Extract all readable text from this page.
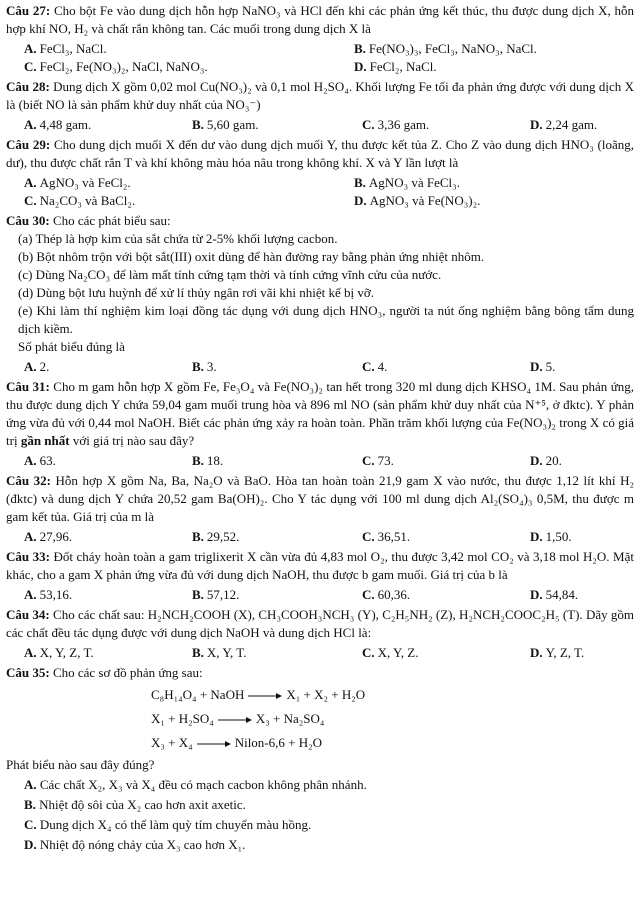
Câu 27: Cho bột Fe vào dung dịch hỗn hợp NaNO₃ và HCl đến khi các phản ứng kết thúc, thu được dung dịch X, hỗn hợp khí NO, H₂ và chất rắn không tan. Các muối trong dung dịch X là

A. FeCl₃, NaCl.	B. Fe(NO₃)₃, FeCl₃, NaNO₃, NaCl.
C. FeCl₂, Fe(NO₃)₂, NaCl, NaNO₃.	D. FeCl₂, NaCl.

Câu 28: Dung dịch X gồm 0,02 mol Cu(NO₃)₂ và 0,1 mol H₂SO₄. Khối lượng Fe tối đa phản ứng được với dung dịch X là (biết NO là sản phẩm khử duy nhất của NO₃⁻)

A. 4,48 gam.	B. 5,60 gam.	C. 3,36 gam.	D. 2,24 gam.

Câu 29: Cho dung dịch muối X đến dư vào dung dịch muối Y, thu được kết tủa Z. Cho Z vào dung dịch HNO₃ (loãng, dư), thu được chất rắn T và khí không màu hóa nâu trong không khí. X và Y lần lượt là

A. AgNO₃ và FeCl₂.	B. AgNO₃ và FeCl₃.
C. Na₂CO₃ và BaCl₂.	D. AgNO₃ và Fe(NO₃)₂.

Câu 30: Cho các phát biểu sau:

(a) Thép là hợp kim của sắt chứa từ 2-5% khối lượng cacbon.

(b) Bột nhôm trộn với bột sắt(III) oxit dùng để hàn đường ray bằng phản ứng nhiệt nhôm.

(c) Dùng Na₂CO₃ để làm mất tính cứng tạm thời và tính cứng vĩnh cửu của nước.

(d) Dùng bột lưu huỳnh để xử lí thủy ngân rơi vãi khi nhiệt kế bị vỡ.

(e) Khi làm thí nghiệm kim loại đồng tác dụng với dung dịch HNO₃, người ta nút ống nghiệm bằng bông tẩm dung dịch kiềm.

Số phát biểu đúng là

A. 2.	B. 3.	C. 4.	D. 5.

Câu 31: Cho m gam hỗn hợp X gồm Fe, Fe₃O₄ và Fe(NO₃)₂ tan hết trong 320 ml dung dịch KHSO₄ 1M. Sau phản ứng, thu được dung dịch Y chứa 59,04 gam muối trung hòa và 896 ml NO (sản phẩm khử duy nhất của N⁺⁵, ở đktc). Y phản ứng vừa đủ với 0,44 mol NaOH. Biết các phản ứng xảy ra hoàn toàn. Phần trăm khối lượng của Fe(NO₃)₂ trong X có giá trị gần nhất với giá trị nào sau đây?

A. 63.	B. 18.	C. 73.	D. 20.

Câu 32: Hỗn hợp X gồm Na, Ba, Na₂O và BaO. Hòa tan hoàn toàn 21,9 gam X vào nước, thu được 1,12 lít khí H₂ (đktc) và dung dịch Y chứa 20,52 gam Ba(OH)₂. Cho Y tác dụng với 100 ml dung dịch Al₂(SO₄)₃ 0,5M, thu được m gam kết tủa. Giá trị của m là

A. 27,96.	B. 29,52.	C. 36,51.	D. 1,50.

Câu 33: Đốt cháy hoàn toàn a gam triglixerit X cần vừa đủ 4,83 mol O₂, thu được 3,42 mol CO₂ và 3,18 mol H₂O. Mặt khác, cho a gam X phản ứng vừa đủ với dung dịch NaOH, thu được b gam muối. Giá trị của b là

A. 53,16.	B. 57,12.	C. 60,36.	D. 54,84.

Câu 34: Cho các chất sau: H₂NCH₂COOH (X), CH₃COOH₃NCH₃ (Y), C₂H₅NH₂ (Z), H₂NCH₂COOC₂H₅ (T). Dãy gồm các chất đều tác dụng được với dung dịch NaOH và dung dịch HCl là:

A. X, Y, Z, T.	B. X, Y, T.	C. X, Y, Z.	D. Y, Z, T.

Câu 35: Cho các sơ đồ phản ứng sau:

C₈H₁₄O₄ + NaOH	X₁ + X₂ + H₂O
X₁ + H₂SO₄	X₃ + Na₂SO₄
X₃ + X₄	Nilon-6,6 + H₂O

Phát biểu nào sau đây đúng?

A. Các chất X₂, X₃ và X₄ đều có mạch cacbon không phân nhánh.

B. Nhiệt độ sôi của X₂ cao hơn axit axetic.

C. Dung dịch X₄ có thể làm quỳ tím chuyển màu hồng.

D. Nhiệt độ nóng chảy của X₃ cao hơn X₁.
